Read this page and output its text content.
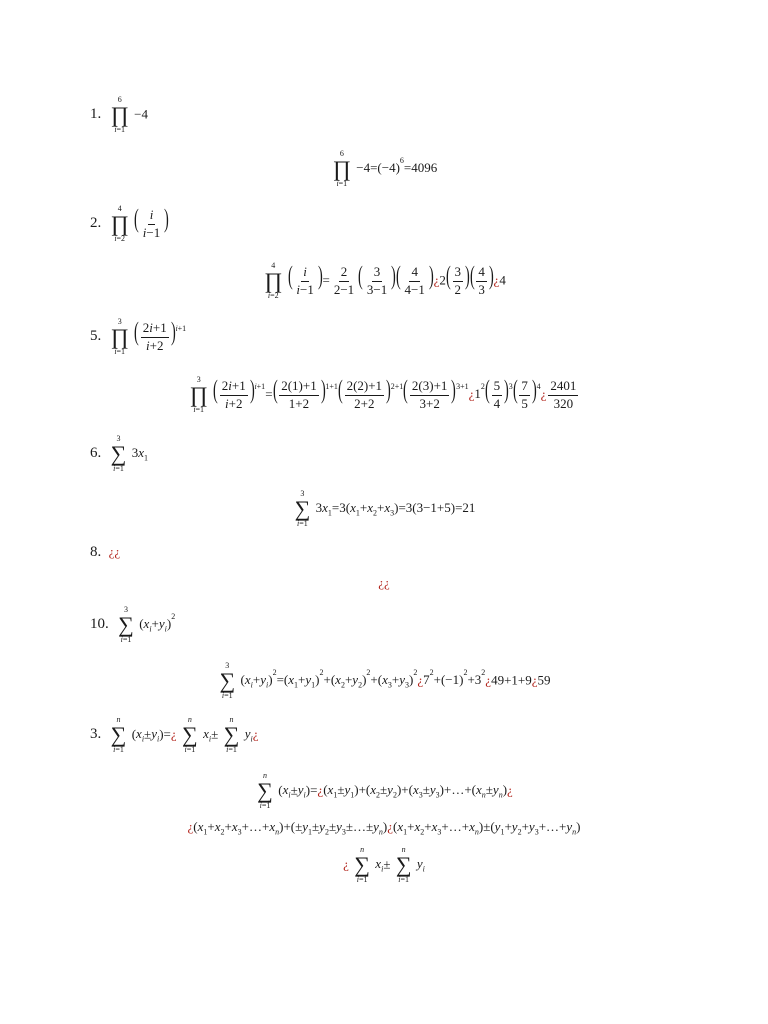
1.
6
∏
i=1
−4
6
∏
i=1
$-4=(-4)^6=4096$
2.
4
∏
i=2
( $\frac{i}{i-1}$ )
4
∏
i=2
( $\frac{i}{i-1}$ )= $\frac{2}{2-1}$ ( $\frac{3}{3-1}$ )( $\frac{4}{4-1}$ )¿2( $\frac{3}{2}$ )( $\frac{4}{3}$ )¿4
5.
3
∏
i=1
( $\frac{2i+1}{i+2} )^{i+1}$
3
∏
i=1
( $\frac{2i+1}{i+2} )^{i+1}=( \frac{2(1)+1}{1+2} )^{1+1}( \frac{2(2)+1}{2+2} )^{2+1}( \frac{2(3)+1}{3+2}$ )$^{3+1}¿1^2( \frac{5}{4} )^3( \frac{7}{5}$ )$^4¿ \frac{2401}{320}$
6.
3
∑
i=1
$3x_1$
3
∑
i=1
$3x_1=3(x_1+x_2+x_3)=3(3-1+5)=21$
8. ¿¿
¿¿
10.
3
∑
i=1
$(x_i+y_i)^2$
3
∑
i=1
$(x_i+y_i)^2=(x_1+y_1)^2+(x_2+y_2)^2+(x_3+y_3)^2¿7^2+(-1)^2+3^2¿49+1+9¿59$
3.
n
∑
i=1
$(x_i\pm y_i)=¿$
n
∑
i=1
$x_i\pm$
n
∑
i=1
$y_i¿$
n
∑
i=1
$(x_i\pm y_i)=¿(x_1\pm y_1)+(x_2\pm y_2)+(x_3\pm y_3)+\dots+(x_n\pm y_n)¿$
¿$(x_1+x_2+x_3+\dots+x_n)+(\pm y_1\pm y_2\pm y_3\pm\dots\pm y_n)¿(x_1+x_2+x_3+\dots+x_n)\pm(y_1+y_2+y_3+\dots+y_n)$
¿
n
∑
i=1
$x_i\pm$
n
∑
i=1
$y_i$
